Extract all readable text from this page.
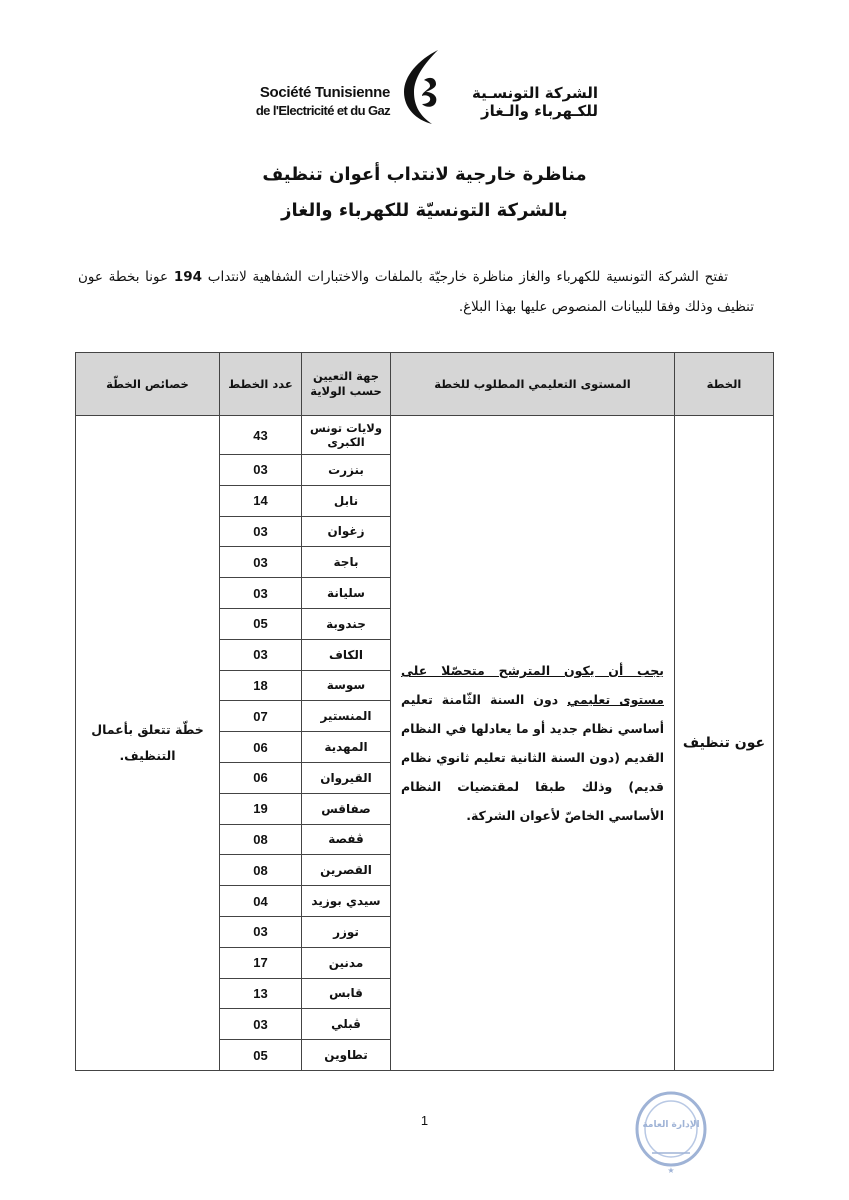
Société Tunisienne
de l'Electricité et du Gaz
الشركة التونسـية
للكـهرباء والـغاز
مناظرة خارجية لانتداب أعوان تنظيف
بالشركة التونسيّة للكهرباء والغاز
تفتح الشركة التونسية للكهرباء والغاز مناظرة خارجيّة بالملفات والاختبارات الشفاهية لانتداب 194 عونا بخطة عون تنظيف وذلك وفقا للبيانات المنصوص عليها بهذا البلاغ.
الخطة	المستوى التعليمي المطلوب للخطة	جهة التعيين حسب الولاية	عدد الخطط	خصائص الخطّة
عون تنظيف	يجب أن يكون المترشح متحصّلا على مستوى تعليمي دون السنة الثّامنة تعليم أساسي نظام جديد أو ما يعادلها في النظام القديم (دون السنة الثانية تعليم ثانوي نظام قديم) وذلك طبقا لمقتضيات النظام الأساسي الخاصّ لأعوان الشركة.	ولايات تونس الكبرى	43	خطّة تتعلق بأعمال التنظيف.

		بنزرت	03	
		نابل	14	
		زغوان	03	
		باجة	03	
		سليانة	03	
		جندوبة	05	
		الكاف	03	
		سوسة	18	
		المنستير	07	
		المهدية	06	
		القيروان	06	
		صفاقس	19	
		ڤفصة	08	
		القصرين	08	
		سيدي بوزيد	04	
		توزر	03	
		مدنين	17	
		قابس	13	
		ڤبلي	03	
		تطاوين	05	
1	الإدارة العامة
★
